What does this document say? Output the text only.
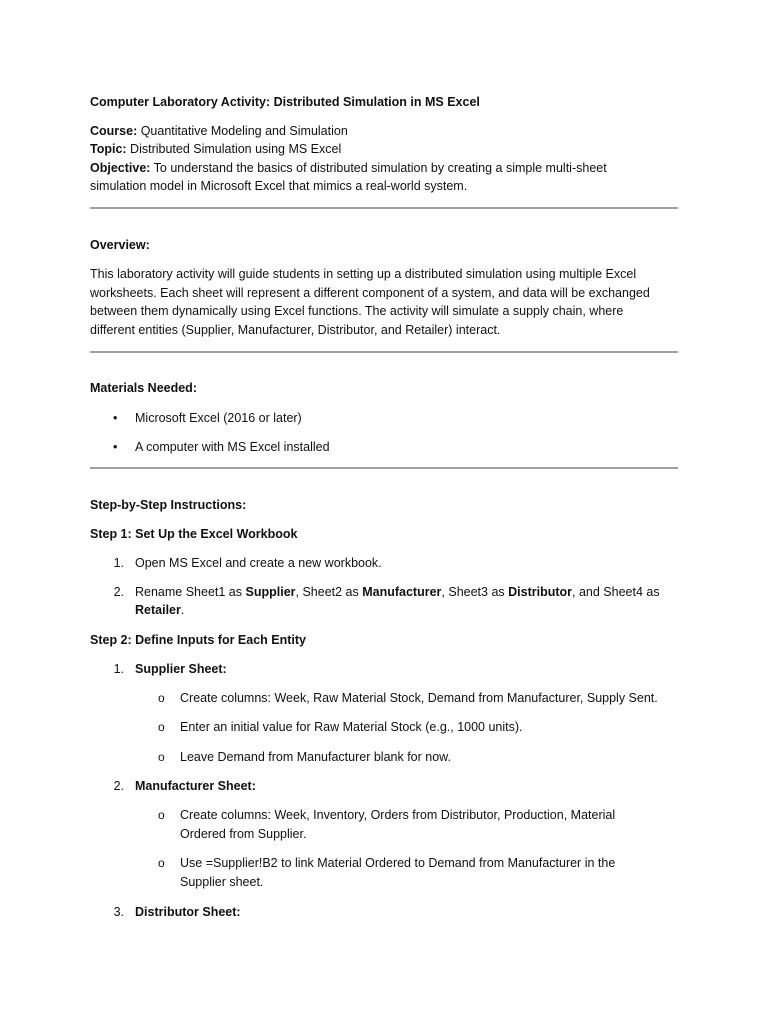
Computer Laboratory Activity: Distributed Simulation in MS Excel
Course: Quantitative Modeling and Simulation
Topic: Distributed Simulation using MS Excel
Objective: To understand the basics of distributed simulation by creating a simple multi-sheet
simulation model in Microsoft Excel that mimics a real-world system.
Overview:
This laboratory activity will guide students in setting up a distributed simulation using multiple Excel
worksheets. Each sheet will represent a different component of a system, and data will be exchanged
between them dynamically using Excel functions. The activity will simulate a supply chain, where
different entities (Supplier, Manufacturer, Distributor, and Retailer) interact.
Materials Needed:
• Microsoft Excel (2016 or later)
• A computer with MS Excel installed
Step-by-Step Instructions:
Step 1: Set Up the Excel Workbook
1. Open MS Excel and create a new workbook.
2. Rename Sheet1 as Supplier, Sheet2 as Manufacturer, Sheet3 as Distributor, and Sheet4 as
Retailer.
Step 2: Define Inputs for Each Entity
1. Supplier Sheet:
o Create columns: Week, Raw Material Stock, Demand from Manufacturer, Supply Sent.
o Enter an initial value for Raw Material Stock (e.g., 1000 units).
o Leave Demand from Manufacturer blank for now.
2. Manufacturer Sheet:
o Create columns: Week, Inventory, Orders from Distributor, Production, Material
Ordered from Supplier.
o Use =Supplier!B2 to link Material Ordered to Demand from Manufacturer in the
Supplier sheet.
3. Distributor Sheet:
